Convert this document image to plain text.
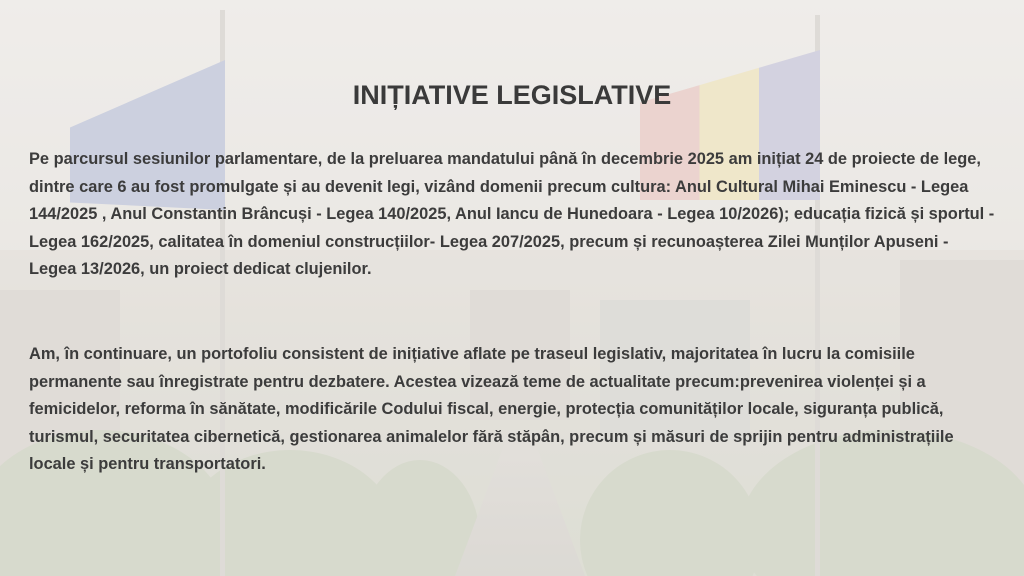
INIȚIATIVE LEGISLATIVE

Pe parcursul sesiunilor parlamentare, de la preluarea mandatului până în decembrie 2025 am inițiat 24 de proiecte de lege, dintre care 6 au fost promulgate și au devenit legi, vizând domenii precum cultura: Anul Cultural Mihai Eminescu - Legea 144/2025 , Anul Constantin Brâncuși - Legea 140/2025, Anul Iancu de Hunedoara - Legea 10/2026); educația fizică și sportul - Legea 162/2025, calitatea în domeniul construcțiilor- Legea 207/2025, precum și recunoașterea Zilei Munților Apuseni - Legea 13/2026, un proiect dedicat clujenilor.

Am, în continuare, un portofoliu consistent de inițiative aflate pe traseul legislativ, majoritatea în lucru la comisiile permanente sau înregistrate pentru dezbatere. Acestea vizează teme de actualitate precum:prevenirea violenței și a femicidelor, reforma în sănătate, modificările Codului fiscal, energie, protecția comunităților locale, siguranța publică, turismul, securitatea cibernetică, gestionarea animalelor fără stăpân, precum și măsuri de sprijin pentru administrațiile locale și pentru transportatori.
